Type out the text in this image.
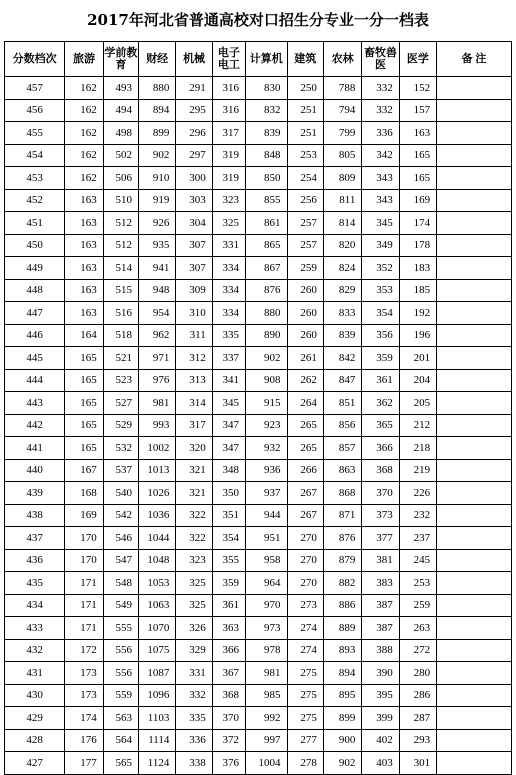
2017年河北省普通高校对口招生分专业一分一档表
分数档次	旅游	学前教育	财经	机械	电子电工	计算机	建筑	农林	畜牧兽医	医学	备 注
457	162	493	880	291	316	830	250	788	332	152	
456	162	494	894	295	316	832	251	794	332	157	
455	162	498	899	296	317	839	251	799	336	163	
454	162	502	902	297	319	848	253	805	342	165	
453	162	506	910	300	319	850	254	809	343	165	
452	163	510	919	303	323	855	256	811	343	169	
451	163	512	926	304	325	861	257	814	345	174	
450	163	512	935	307	331	865	257	820	349	178	
449	163	514	941	307	334	867	259	824	352	183	
448	163	515	948	309	334	876	260	829	353	185	
447	163	516	954	310	334	880	260	833	354	192	
446	164	518	962	311	335	890	260	839	356	196	
445	165	521	971	312	337	902	261	842	359	201	
444	165	523	976	313	341	908	262	847	361	204	
443	165	527	981	314	345	915	264	851	362	205	
442	165	529	993	317	347	923	265	856	365	212	
441	165	532	1002	320	347	932	265	857	366	218	
440	167	537	1013	321	348	936	266	863	368	219	
439	168	540	1026	321	350	937	267	868	370	226	
438	169	542	1036	322	351	944	267	871	373	232	
437	170	546	1044	322	354	951	270	876	377	237	
436	170	547	1048	323	355	958	270	879	381	245	
435	171	548	1053	325	359	964	270	882	383	253	
434	171	549	1063	325	361	970	273	886	387	259	
433	171	555	1070	326	363	973	274	889	387	263	
432	172	556	1075	329	366	978	274	893	388	272	
431	173	556	1087	331	367	981	275	894	390	280	
430	173	559	1096	332	368	985	275	895	395	286	
429	174	563	1103	335	370	992	275	899	399	287	
428	176	564	1114	336	372	997	277	900	402	293	
427	177	565	1124	338	376	1004	278	902	403	301	
